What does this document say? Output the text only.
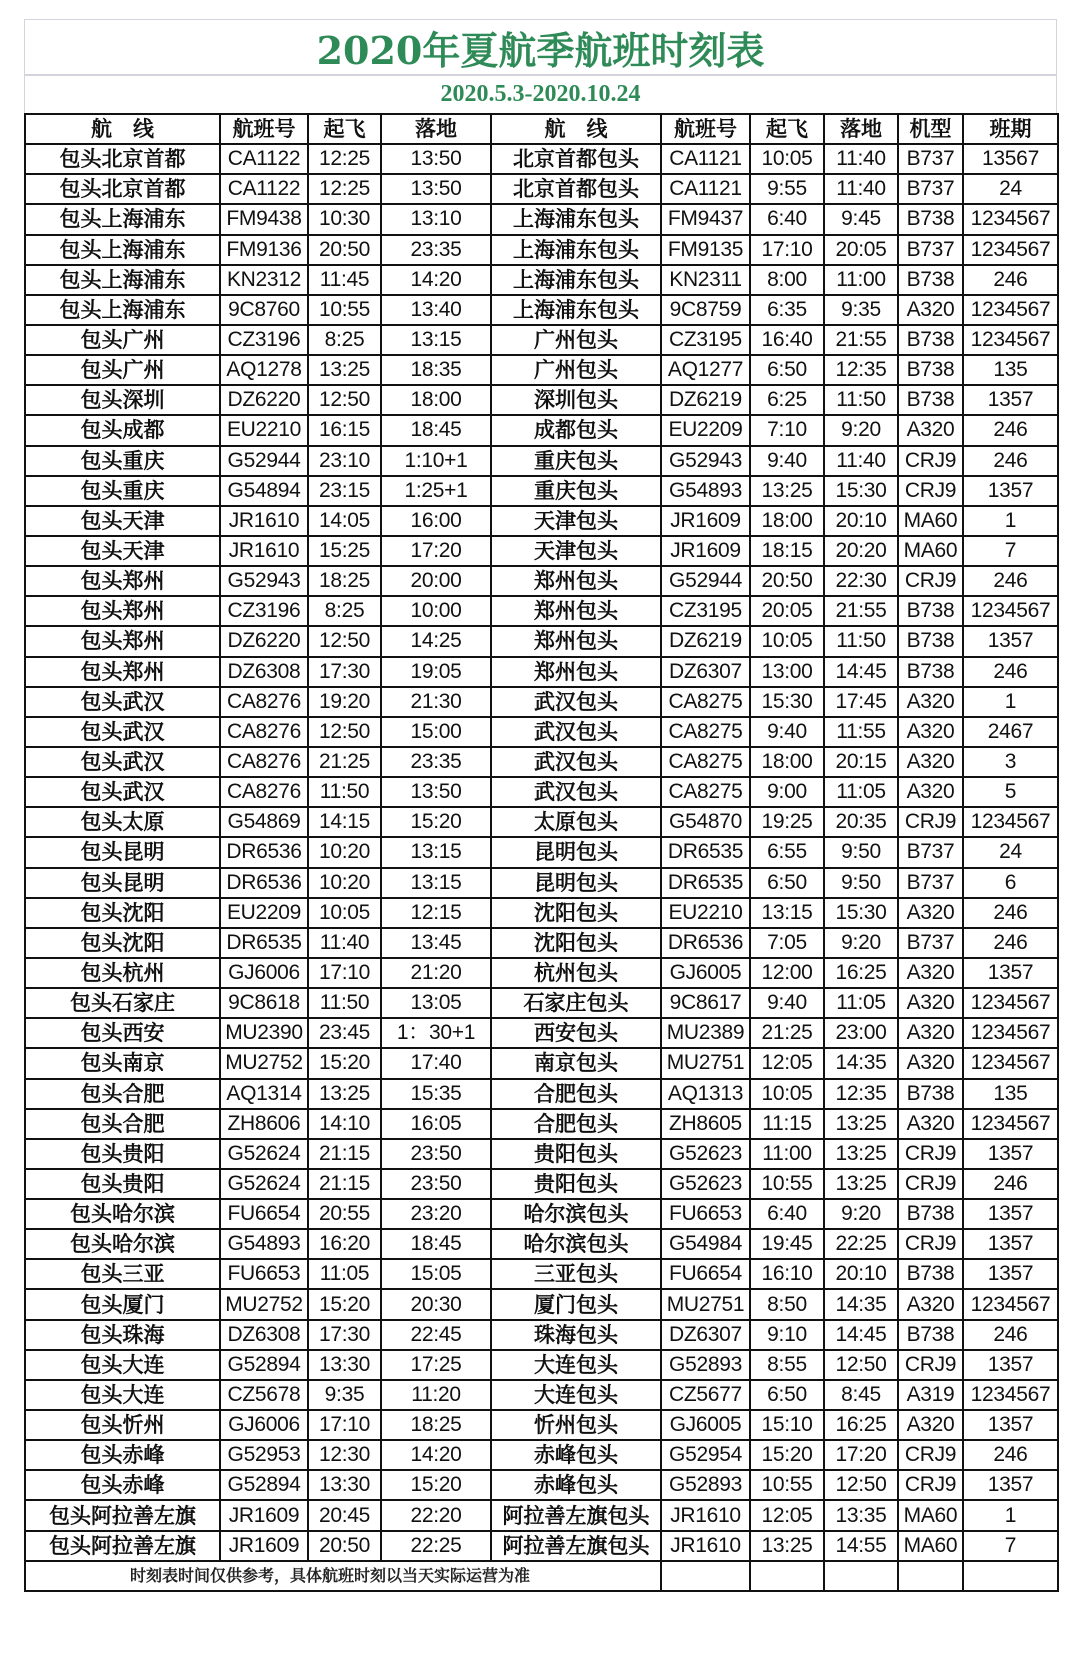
2020年夏航季航班时刻表
2020.5.3-2020.10.24
航　线	航班号	起飞	落地	航　线	航班号	起飞	落地	机型	班期
包头北京首都	CA1122	12:25	13:50	北京首都包头	CA1121	10:05	11:40	B737	13567
包头北京首都	CA1122	12:25	13:50	北京首都包头	CA1121	9:55	11:40	B737	24
包头上海浦东	FM9438	10:30	13:10	上海浦东包头	FM9437	6:40	9:45	B738	1234567
包头上海浦东	FM9136	20:50	23:35	上海浦东包头	FM9135	17:10	20:05	B737	1234567
包头上海浦东	KN2312	11:45	14:20	上海浦东包头	KN2311	8:00	11:00	B738	246
包头上海浦东	9C8760	10:55	13:40	上海浦东包头	9C8759	6:35	9:35	A320	1234567
包头广州	CZ3196	8:25	13:15	广州包头	CZ3195	16:40	21:55	B738	1234567
包头广州	AQ1278	13:25	18:35	广州包头	AQ1277	6:50	12:35	B738	135
包头深圳	DZ6220	12:50	18:00	深圳包头	DZ6219	6:25	11:50	B738	1357
包头成都	EU2210	16:15	18:45	成都包头	EU2209	7:10	9:20	A320	246
包头重庆	G52944	23:10	1:10+1	重庆包头	G52943	9:40	11:40	CRJ9	246
包头重庆	G54894	23:15	1:25+1	重庆包头	G54893	13:25	15:30	CRJ9	1357
包头天津	JR1610	14:05	16:00	天津包头	JR1609	18:00	20:10	MA60	1
包头天津	JR1610	15:25	17:20	天津包头	JR1609	18:15	20:20	MA60	7
包头郑州	G52943	18:25	20:00	郑州包头	G52944	20:50	22:30	CRJ9	246
包头郑州	CZ3196	8:25	10:00	郑州包头	CZ3195	20:05	21:55	B738	1234567
包头郑州	DZ6220	12:50	14:25	郑州包头	DZ6219	10:05	11:50	B738	1357
包头郑州	DZ6308	17:30	19:05	郑州包头	DZ6307	13:00	14:45	B738	246
包头武汉	CA8276	19:20	21:30	武汉包头	CA8275	15:30	17:45	A320	1
包头武汉	CA8276	12:50	15:00	武汉包头	CA8275	9:40	11:55	A320	2467
包头武汉	CA8276	21:25	23:35	武汉包头	CA8275	18:00	20:15	A320	3
包头武汉	CA8276	11:50	13:50	武汉包头	CA8275	9:00	11:05	A320	5
包头太原	G54869	14:15	15:20	太原包头	G54870	19:25	20:35	CRJ9	1234567
包头昆明	DR6536	10:20	13:15	昆明包头	DR6535	6:55	9:50	B737	24
包头昆明	DR6536	10:20	13:15	昆明包头	DR6535	6:50	9:50	B737	6
包头沈阳	EU2209	10:05	12:15	沈阳包头	EU2210	13:15	15:30	A320	246
包头沈阳	DR6535	11:40	13:45	沈阳包头	DR6536	7:05	9:20	B737	246
包头杭州	GJ6006	17:10	21:20	杭州包头	GJ6005	12:00	16:25	A320	1357
包头石家庄	9C8618	11:50	13:05	石家庄包头	9C8617	9:40	11:05	A320	1234567
包头西安	MU2390	23:45	1：30+1	西安包头	MU2389	21:25	23:00	A320	1234567
包头南京	MU2752	15:20	17:40	南京包头	MU2751	12:05	14:35	A320	1234567
包头合肥	AQ1314	13:25	15:35	合肥包头	AQ1313	10:05	12:35	B738	135
包头合肥	ZH8606	14:10	16:05	合肥包头	ZH8605	11:15	13:25	A320	1234567
包头贵阳	G52624	21:15	23:50	贵阳包头	G52623	11:00	13:25	CRJ9	1357
包头贵阳	G52624	21:15	23:50	贵阳包头	G52623	10:55	13:25	CRJ9	246
包头哈尔滨	FU6654	20:55	23:20	哈尔滨包头	FU6653	6:40	9:20	B738	1357
包头哈尔滨	G54893	16:20	18:45	哈尔滨包头	G54984	19:45	22:25	CRJ9	1357
包头三亚	FU6653	11:05	15:05	三亚包头	FU6654	16:10	20:10	B738	1357
包头厦门	MU2752	15:20	20:30	厦门包头	MU2751	8:50	14:35	A320	1234567
包头珠海	DZ6308	17:30	22:45	珠海包头	DZ6307	9:10	14:45	B738	246
包头大连	G52894	13:30	17:25	大连包头	G52893	8:55	12:50	CRJ9	1357
包头大连	CZ5678	9:35	11:20	大连包头	CZ5677	6:50	8:45	A319	1234567
包头忻州	GJ6006	17:10	18:25	忻州包头	GJ6005	15:10	16:25	A320	1357
包头赤峰	G52953	12:30	14:20	赤峰包头	G52954	15:20	17:20	CRJ9	246
包头赤峰	G52894	13:30	15:20	赤峰包头	G52893	10:55	12:50	CRJ9	1357
包头阿拉善左旗	JR1609	20:45	22:20	阿拉善左旗包头	JR1610	12:05	13:35	MA60	1
包头阿拉善左旗	JR1609	20:50	22:25	阿拉善左旗包头	JR1610	13:25	14:55	MA60	7
时刻表时间仅供参考，具体航班时刻以当天实际运营为准									
